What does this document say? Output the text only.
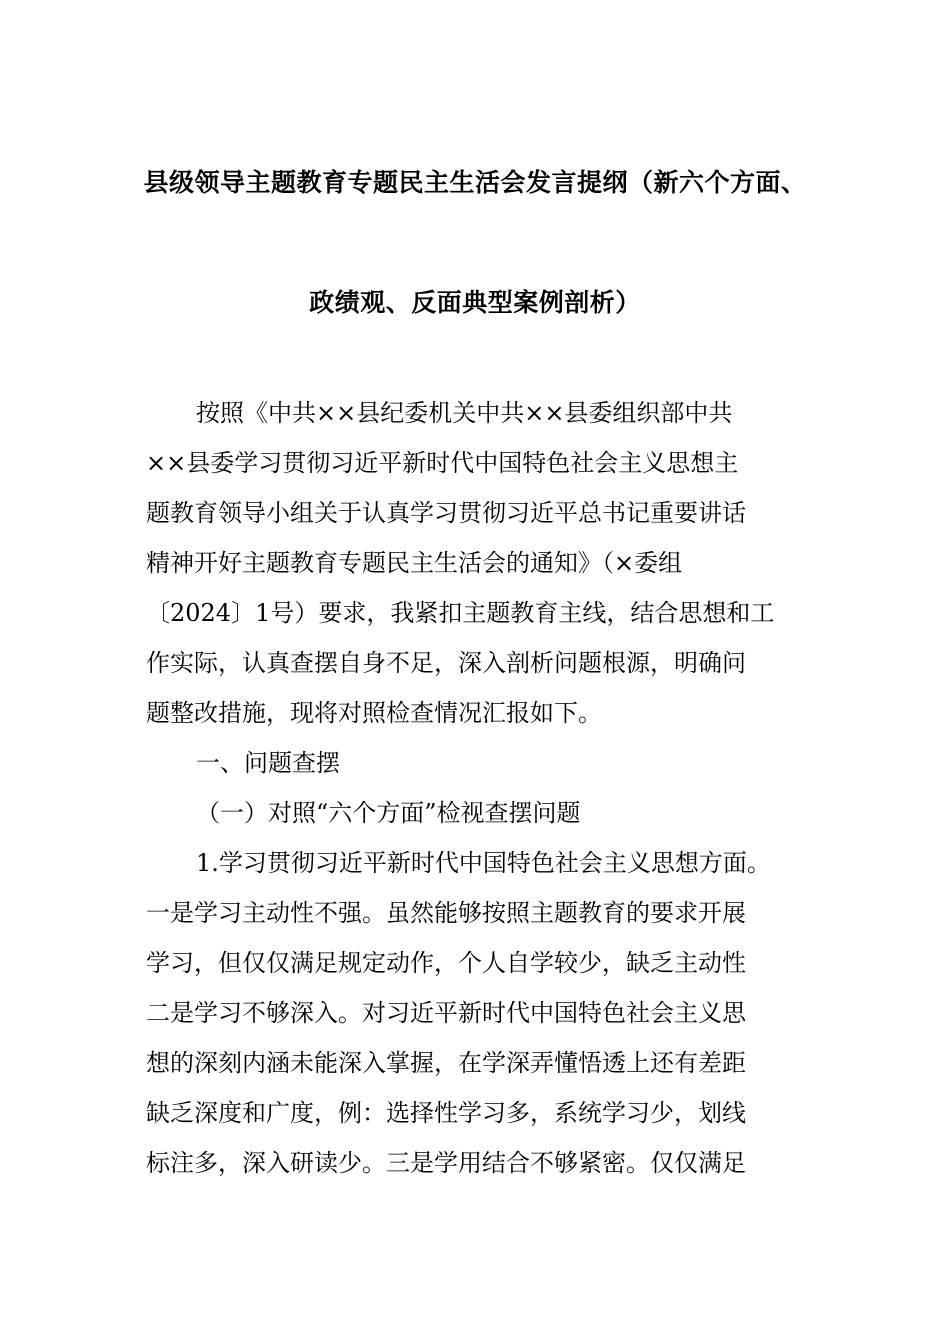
县级领导主题教育专题民主生活会发言提纲（新六个方面、
政绩观、反面典型案例剖析）
按照《中共××县纪委机关中共××县委组织部中共
××县委学习贯彻习近平新时代中国特色社会主义思想主
题教育领导小组关于认真学习贯彻习近平总书记重要讲话
精神开好主题教育专题民主生活会的通知》（×委组
〔2024〕1号）要求，我紧扣主题教育主线，结合思想和工
作实际，认真查摆自身不足，深入剖析问题根源，明确问
题整改措施，现将对照检查情况汇报如下。
一、问题查摆
（一）对照“六个方面”检视查摆问题
1.学习贯彻习近平新时代中国特色社会主义思想方面。
一是学习主动性不强。虽然能够按照主题教育的要求开展
学习，但仅仅满足规定动作，个人自学较少，缺乏主动性
二是学习不够深入。对习近平新时代中国特色社会主义思
想的深刻内涵未能深入掌握，在学深弄懂悟透上还有差距
缺乏深度和广度，例：选择性学习多，系统学习少，划线
标注多，深入研读少。三是学用结合不够紧密。仅仅满足
